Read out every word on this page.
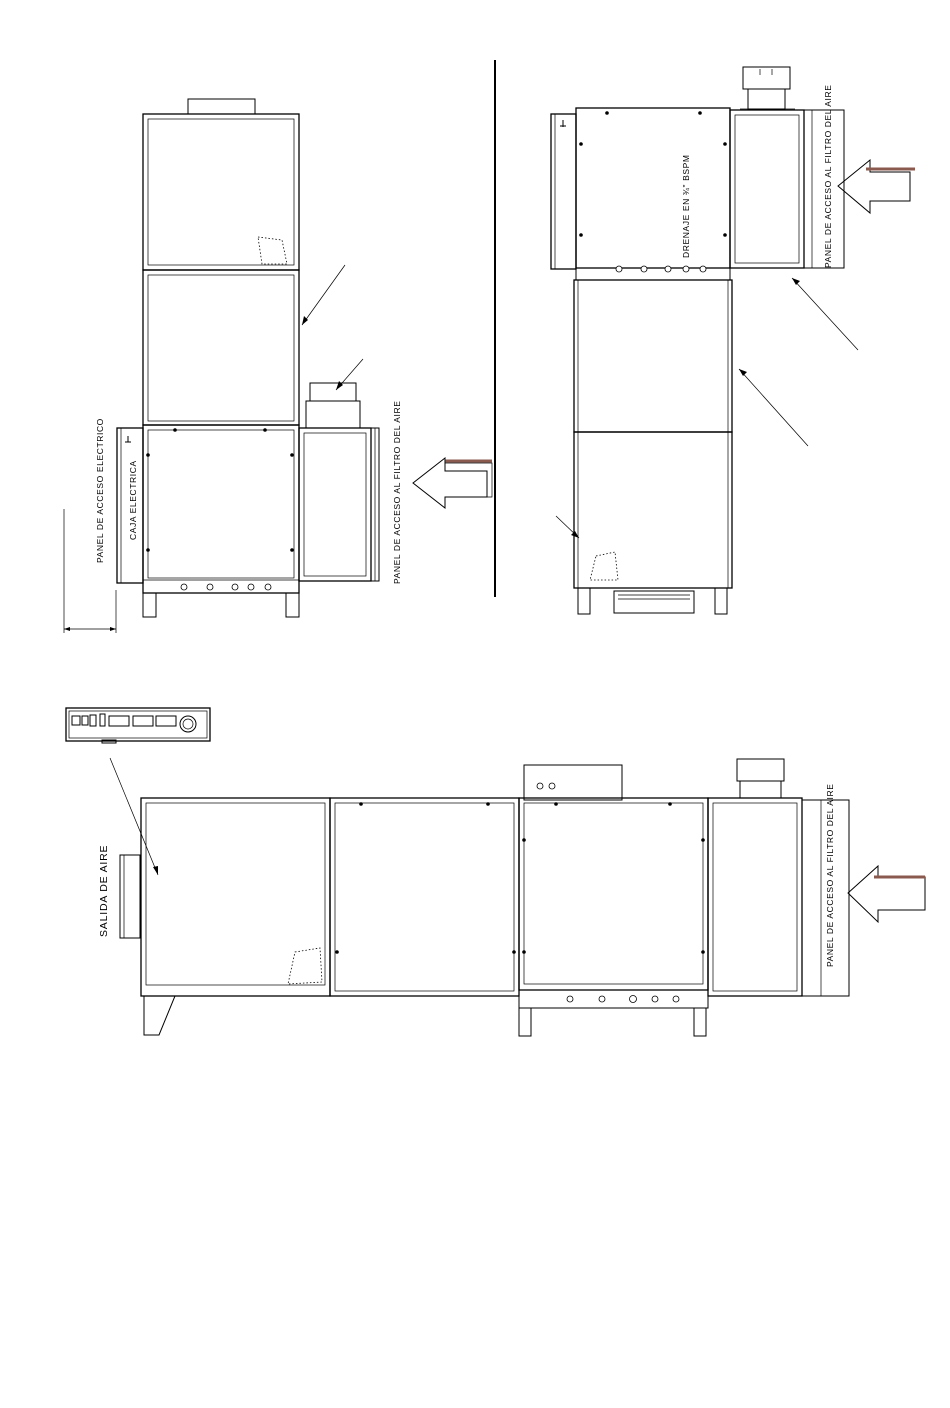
PANEL DE ACCESO ELECTRICO	CAJA ELECTRICA	PANEL DE ACCESO AL FILTRO DEL AIRE
DRENAJE EN ¾" BSPM	PANEL DE ACCESO AL FILTRO DEL AIRE
SALIDA DE AIRE	PANEL DE ACCESO AL FILTRO DEL AIRE
